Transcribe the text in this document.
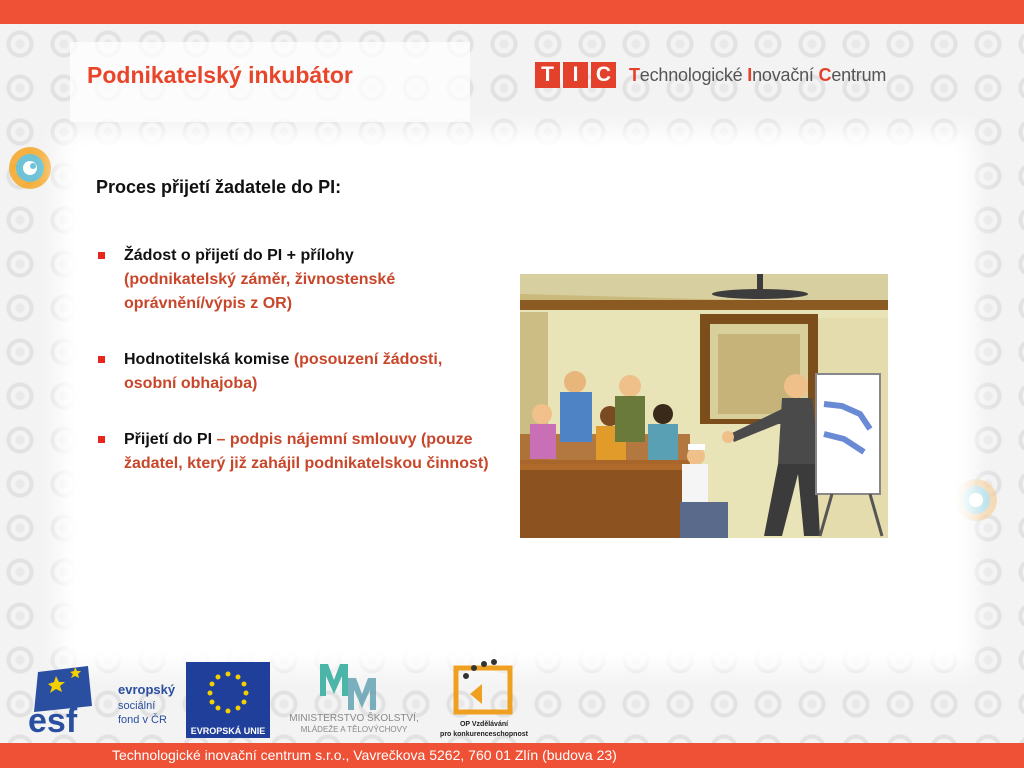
Podnikatelský inkubátor	T I C Technologické Inovační Centrum
Proces přijetí žadatele do PI:
Žádost o přijetí do PI + přílohy
(podnikatelský záměr, živnostenské oprávnění/výpis z OR)
Hodnotitelská komise (posouzení žádosti, osobní obhajoba)
Přijetí do PI – podpis nájemní smlouvy (pouze žadatel, který již zahájil podnikatelskou činnost)
esf
evropský
sociální
fond v ČR
EVROPSKÁ UNIE
MINISTERSTVO ŠKOLSTVÍ,
MLÁDEŽE A TĚLOVÝCHOVY
OP Vzdělávání
pro konkurenceschopnost
Technologické inovační centrum s.r.o., Vavrečkova 5262, 760 01 Zlín (budova 23)
